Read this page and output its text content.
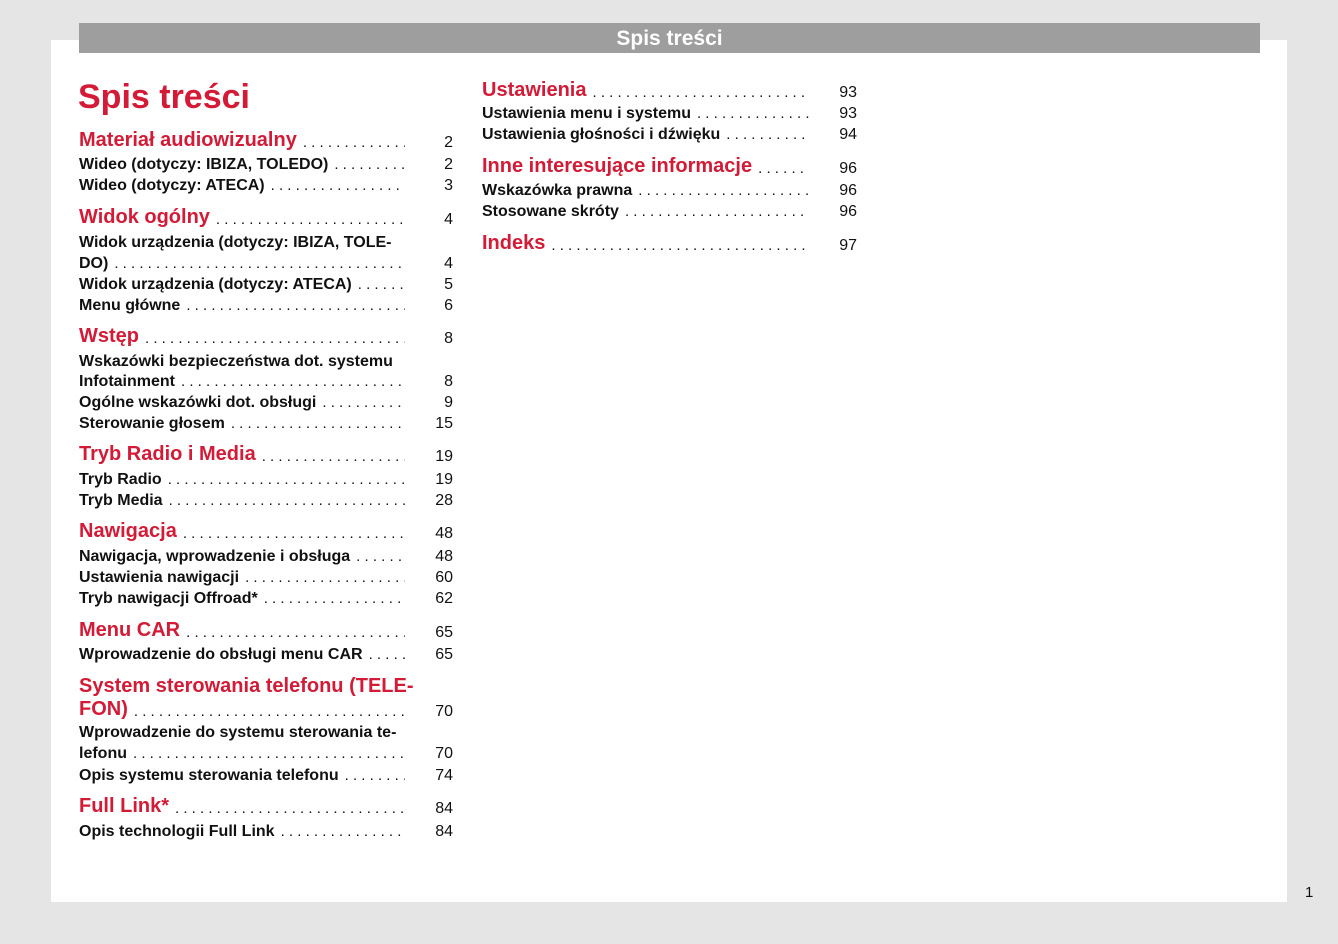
Spis treści
Spis treści
Materiał audiowizualny . . .	2
Wideo (dotyczy: IBIZA, TOLEDO) . . .	2
Wideo (dotyczy: ATECA) . . .	3
Widok ogólny . . .	4
Widok urządzenia (dotyczy: IBIZA, TOLE-
DO) . . .	4
Widok urządzenia (dotyczy: ATECA) . . .	5
Menu główne . . .	6
Wstęp . . .	8
Wskazówki bezpieczeństwa dot. systemu
Infotainment . . .	8
Ogólne wskazówki dot. obsługi . . .	9
Sterowanie głosem . . .	15
Tryb Radio i Media . . .	19
Tryb Radio . . .	19
Tryb Media . . .	28
Nawigacja . . .	48
Nawigacja, wprowadzenie i obsługa . . .	48
Ustawienia nawigacji . . .	60
Tryb nawigacji Offroad* . . .	62
Menu CAR . . .	65
Wprowadzenie do obsługi menu CAR . . .	65
System sterowania telefonu (TELE-
FON) . . .	70
Wprowadzenie do systemu sterowania te-
lefonu . . .	70
Opis systemu sterowania telefonu . . .	74
Full Link* . . .	84
Opis technologii Full Link . . .	84
Ustawienia . . .	93
Ustawienia menu i systemu . . .	93
Ustawienia głośności i dźwięku . . .	94
Inne interesujące informacje . . .	96
Wskazówka prawna . . .	96
Stosowane skróty . . .	96
Indeks . . .	97
1
